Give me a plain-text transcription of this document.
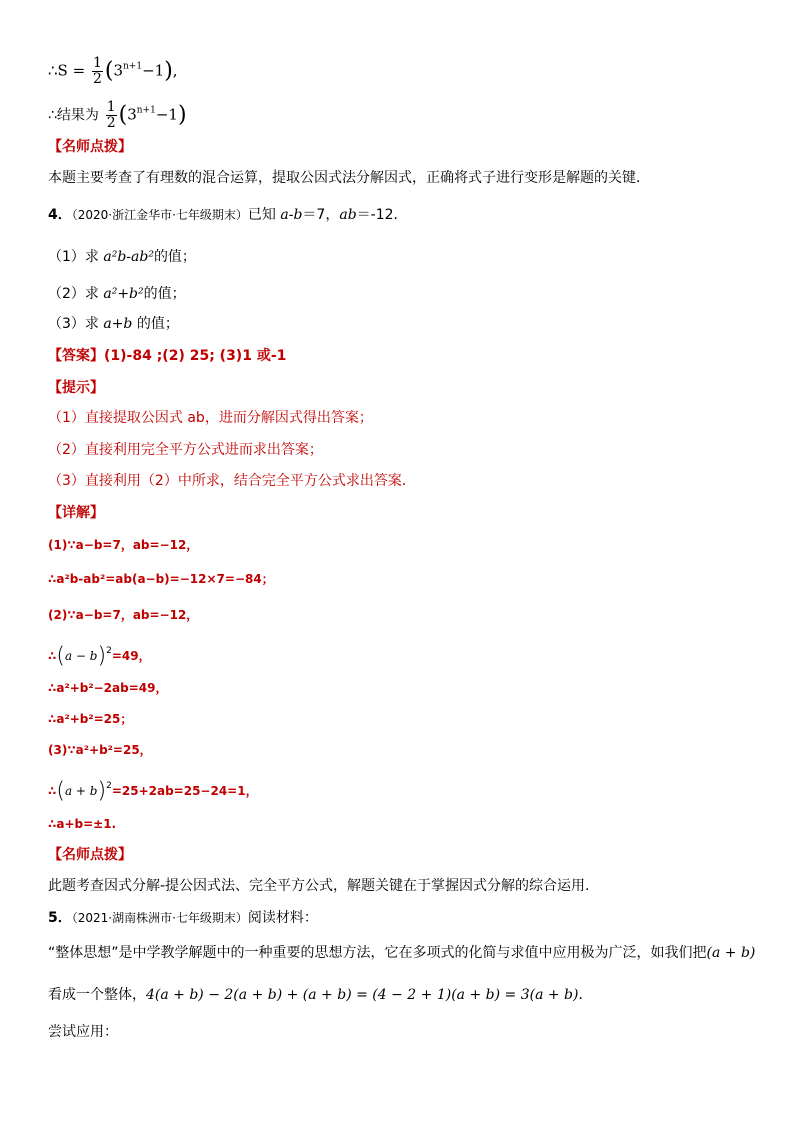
∴S = $\frac{1}{2} (3^{n+1}-1)$,
∴结果为 $\frac{1}{2} (3^{n+1}-1)$
【名师点拨】
本题主要考查了有理数的混合运算，提取公因式法分解因式，正确将式子进行变形是解题的关键．
4．（2020·浙江金华市·七年级期末）已知 a-b＝7，ab＝-12．
（1）求 a²b-ab²的值；
（2）求 a²+b²的值；
（3）求 a+b 的值；
【答案】(1)-84 ;(2) 25; (3)1 或-1
【提示】
（1）直接提取公因式 ab，进而分解因式得出答案；
（2）直接利用完全平方公式进而求出答案；
（3）直接利用（2）中所求，结合完全平方公式求出答案．
【详解】
(1)∵a−b=7，ab=−12，
∴a²b-ab²=ab(a−b)=−12×7=−84；
(2)∵a−b=7，ab=−12，
∴(a − b)$^2$=49，
∴a²+b²−2ab=49，
∴a²+b²=25；
(3)∵a²+b²=25，
∴(a + b)$^2$=25+2ab=25−24=1，
∴a+b=±1.
【名师点拨】
此题考查因式分解-提公因式法、完全平方公式，解题关键在于掌握因式分解的综合运用.
5．（2021·湖南株洲市·七年级期末）阅读材料：
“整体思想”是中学教学解题中的一种重要的思想方法，它在多项式的化简与求值中应用极为广泛，如我们把(a + b)
看成一个整体，4(a + b) − 2(a + b) + (a + b) = (4 − 2 + 1)(a + b) = 3(a + b)．
尝试应用：
